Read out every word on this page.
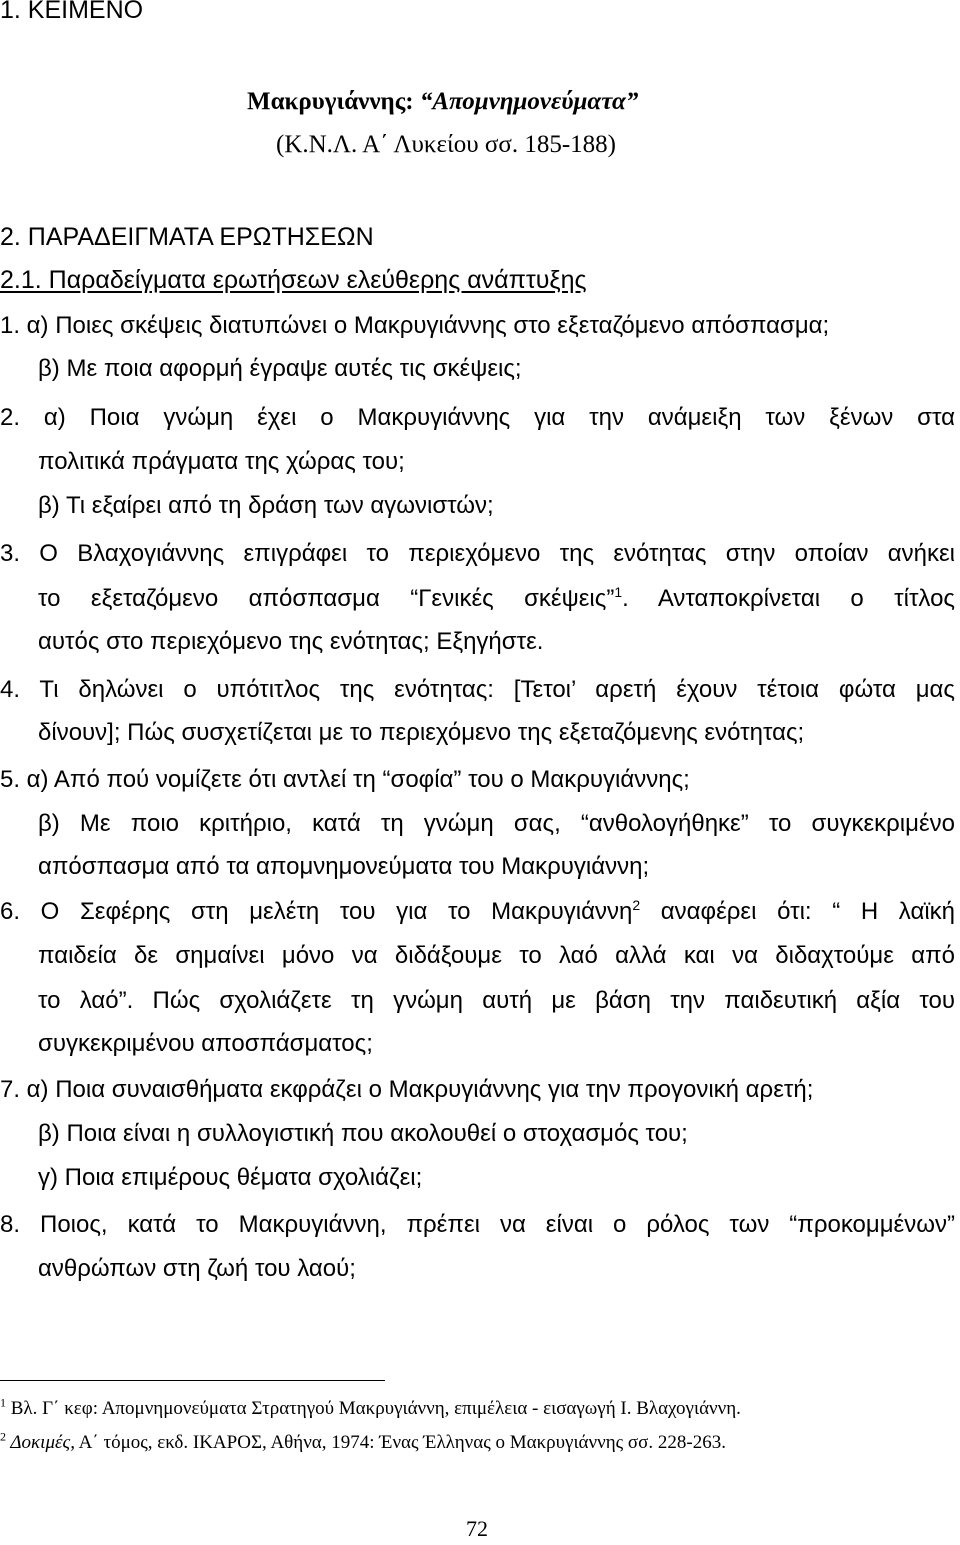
1. ΚΕΙΜΕΝΟ
Μακρυγιάννης: “Απομνημονεύματα”
(Κ.Ν.Λ. Α΄ Λυκείου σσ. 185-188)
2. ΠΑΡΑΔΕΙΓΜΑΤΑ ΕΡΩΤΗΣΕΩΝ
2.1. Παραδείγματα ερωτήσεων ελεύθερης ανάπτυξης
1. α) Ποιες σκέψεις διατυπώνει ο Μακρυγιάννης στο εξεταζόμενο απόσπασμα;
β) Με ποια αφορμή έγραψε αυτές τις σκέψεις;
2. α) Ποια γνώμη έχει ο Μακρυγιάννης για την ανάμειξη των ξένων στα
πολιτικά πράγματα της χώρας του;
β) Τι εξαίρει από τη δράση των αγωνιστών;
3. Ο Βλαχογιάννης επιγράφει το περιεχόμενο της ενότητας στην οποίαν ανήκει
το εξεταζόμενο απόσπασμα “Γενικές σκέψεις”$^1$. Ανταποκρίνεται ο τίτλος
αυτός στο περιεχόμενο της ενότητας; Εξηγήστε.
4. Τι δηλώνει ο υπότιτλος της ενότητας: [Τετοι’ αρετή έχουν τέτοια φώτα μας
δίνουν]; Πώς συσχετίζεται με το περιεχόμενο της εξεταζόμενης ενότητας;
5. α) Από πού νομίζετε ότι αντλεί τη “σοφία” του ο Μακρυγιάννης;
β) Με ποιο κριτήριο, κατά τη γνώμη σας, “ανθολογήθηκε” το συγκεκριμένο
απόσπασμα από τα απομνημονεύματα του Μακρυγιάννη;
6. Ο Σεφέρης στη μελέτη του για το Μακρυγιάννη$^2$ αναφέρει ότι: “ Η λαϊκή
παιδεία δε σημαίνει μόνο να διδάξουμε το λαό αλλά και να διδαχτούμε από
το λαό”. Πώς σχολιάζετε τη γνώμη αυτή με βάση την παιδευτική αξία του
συγκεκριμένου αποσπάσματος;
7. α) Ποια συναισθήματα εκφράζει ο Μακρυγιάννης για την προγονική αρετή;
β) Ποια είναι η συλλογιστική που ακολουθεί ο στοχασμός του;
γ) Ποια επιμέρους θέματα σχολιάζει;
8. Ποιος, κατά το Μακρυγιάννη, πρέπει να είναι ο ρόλος των “προκομμένων”
ανθρώπων στη ζωή του λαού;
$^1$ Βλ. Γ΄ κεφ: Απομνημονεύματα Στρατηγού Μακρυγιάννη, επιμέλεια - εισαγωγή Ι. Βλαχογιάννη.
$^2$ Δοκιμές, Α΄ τόμος, εκδ. ΙΚΑΡΟΣ, Αθήνα, 1974: Ένας Έλληνας ο Μακρυγιάννης σσ. 228-263.
72
